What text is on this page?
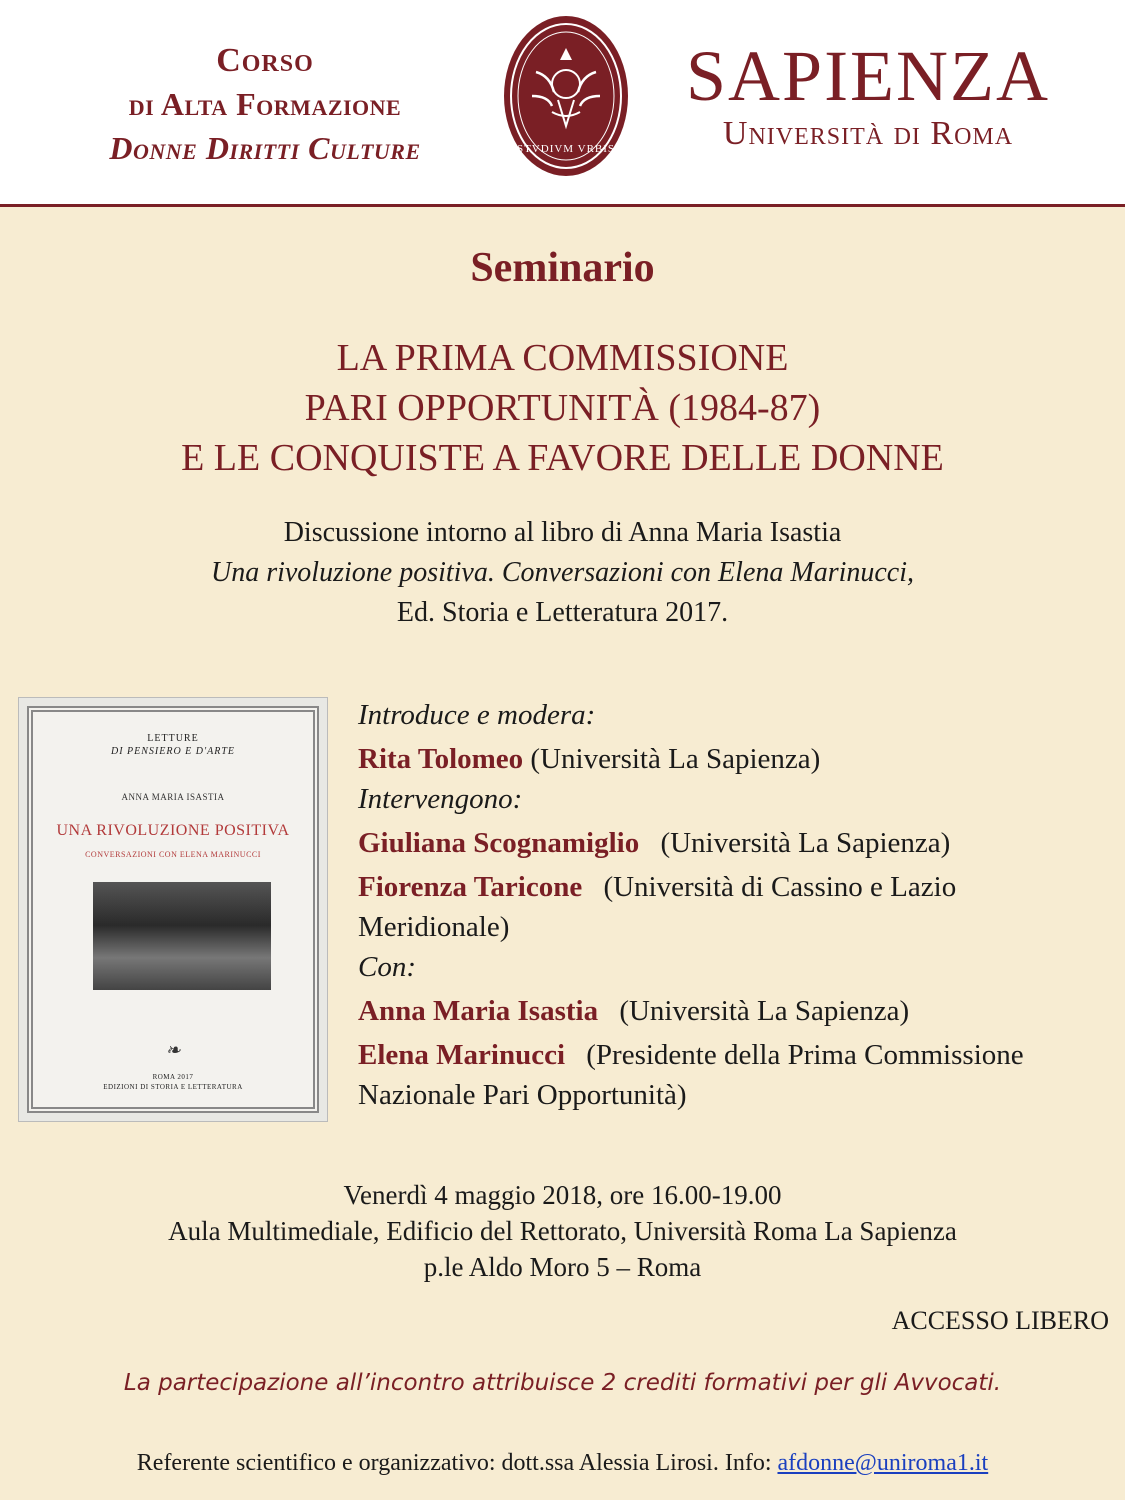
Corso
di Alta Formazione
Donne Diritti Culture	STVDIVM VRBIS
SAPIENZA
Università di Roma
Seminario
LA PRIMA COMMISSIONE
PARI OPPORTUNITÀ (1984-87)
E LE CONQUISTE A FAVORE DELLE DONNE
Discussione intorno al libro di Anna Maria Isastia
Una rivoluzione positiva. Conversazioni con Elena Marinucci,
Ed. Storia e Letteratura 2017.
LETTURE
DI PENSIERO E D'ARTE
ANNA MARIA ISASTIA
UNA RIVOLUZIONE POSITIVA
CONVERSAZIONI CON ELENA MARINUCCI
❧
ROMA 2017
EDIZIONI DI STORIA E LETTERATURA
Introduce e modera:
Rita Tolomeo (Università La Sapienza)
Intervengono:
Giuliana Scognamiglio (Università La Sapienza)
Fiorenza Taricone (Università di Cassino e Lazio Meridionale)
Con:
Anna Maria Isastia (Università La Sapienza)
Elena Marinucci (Presidente della Prima Commissione Nazionale Pari Opportunità)
Venerdì 4 maggio 2018, ore 16.00-19.00
Aula Multimediale, Edificio del Rettorato, Università Roma La Sapienza
p.le Aldo Moro 5 – Roma
ACCESSO LIBERO
La partecipazione all’incontro attribuisce 2 crediti formativi per gli Avvocati.
Referente scientifico e organizzativo: dott.ssa Alessia Lirosi. Info: afdonne@uniroma1.it
